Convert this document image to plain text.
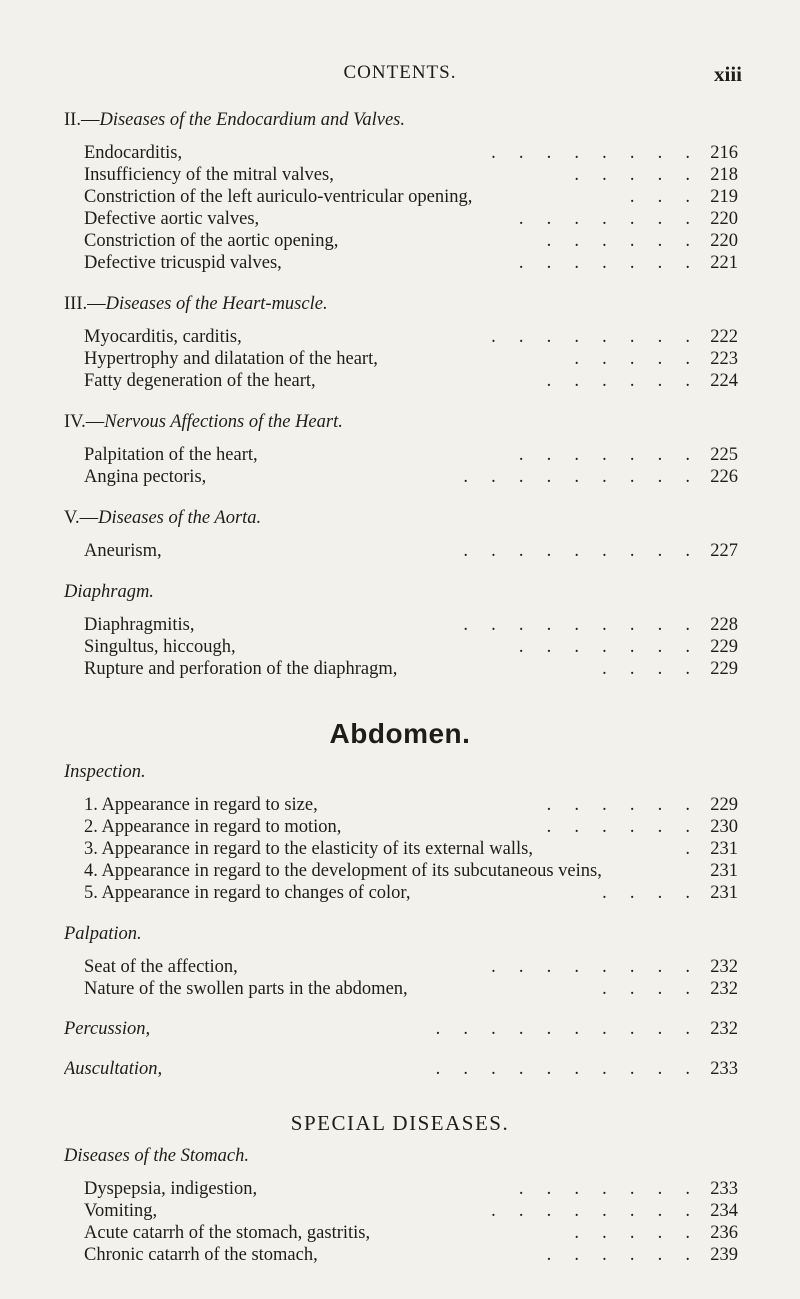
CONTENTS.	xiii
II.—Diseases of the Endocardium and Valves.
Endocarditis,	.     .     .     .     .     .     .     .	216
Insufficiency of the mitral valves,	.     .     .     .     .	218
Constriction of the left auriculo-ventricular opening,	.     .     .	219
Defective aortic valves,	.     .     .     .     .     .     .	220
Constriction of the aortic opening,	.     .     .     .     .     .	220
Defective tricuspid valves,	.     .     .     .     .     .     .	221
III.—Diseases of the Heart-muscle.
Myocarditis, carditis,	.     .     .     .     .     .     .     .	222
Hypertrophy and dilatation of the heart,	.     .     .     .     .	223
Fatty degeneration of the heart,	.     .     .     .     .     .	224
IV.—Nervous Affections of the Heart.
Palpitation of the heart,	.     .     .     .     .     .     .	225
Angina pectoris,	.     .     .     .     .     .     .     .     .	226
V.—Diseases of the Aorta.
Aneurism,	.     .     .     .     .     .     .     .     .	227
Diaphragm.
Diaphragmitis,	.     .     .     .     .     .     .     .     .	228
Singultus, hiccough,	.     .     .     .     .     .     .	229
Rupture and perforation of the diaphragm,	.     .     .     .	229
Abdomen.
Inspection.
1. Appearance in regard to size,	.     .     .     .     .     .	229
2. Appearance in regard to motion,	.     .     .     .     .     .	230
3. Appearance in regard to the elasticity of its external walls,	.	231
4. Appearance in regard to the development of its subcutaneous veins,	231
5. Appearance in regard to changes of color,	.     .     .     .	231
Palpation.
Seat of the affection,	.     .     .     .     .     .     .     .	232
Nature of the swollen parts in the abdomen,	.     .     .     .	232
Percussion,	.     .     .     .     .     .     .     .     .     .	232
Auscultation,	.     .     .     .     .     .     .     .     .     .	233
SPECIAL DISEASES.
Diseases of the Stomach.
Dyspepsia, indigestion,	.     .     .     .     .     .     .	233
Vomiting,	.     .     .     .     .     .     .     .	234
Acute catarrh of the stomach, gastritis,	.     .     .     .     .	236
Chronic catarrh of the stomach,	.     .     .     .     .     .	239
